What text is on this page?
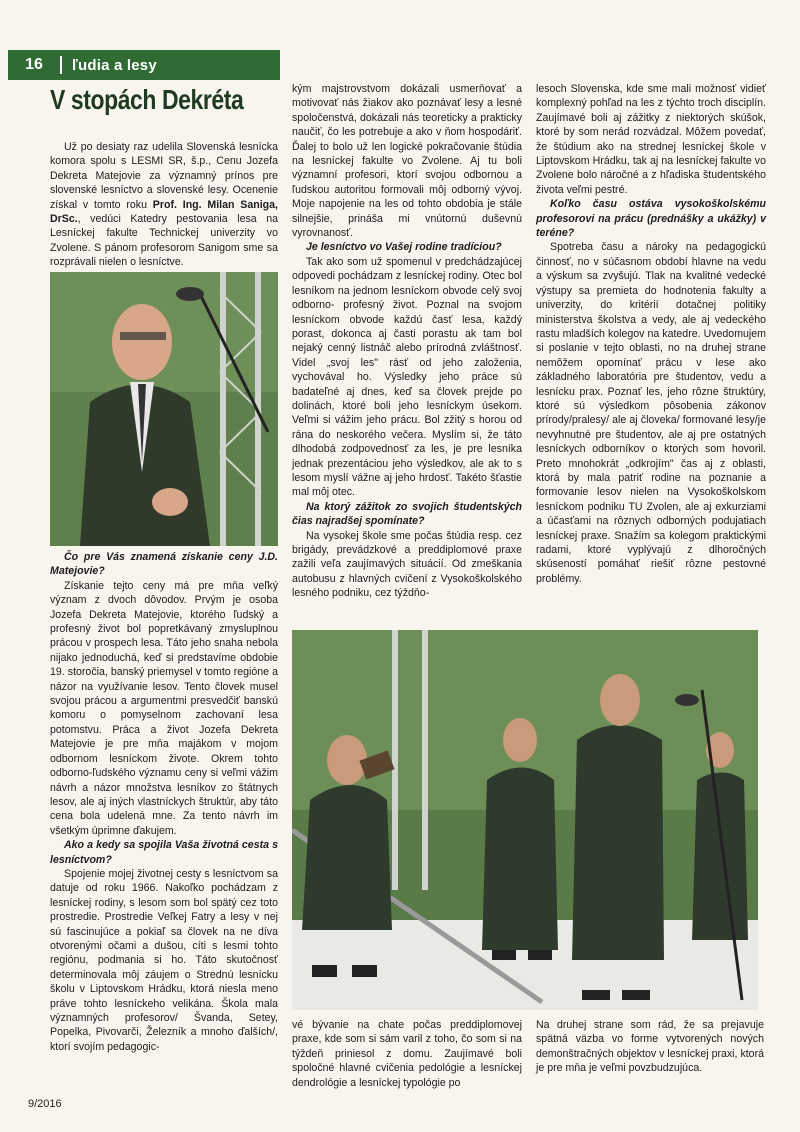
16	ľudia a lesy
V stopách Dekréta

Už po desiaty raz udelila Slovenská lesnícka komora spolu s LESMI SR, š.p., Cenu Jozefa Dekreta Matejovie za významný prínos pre slovenské lesníctvo a slovenské lesy. Ocenenie získal v tomto roku Prof. Ing. Milan Saniga, DrSc., vedúci Katedry pestovania lesa na Lesníckej fakulte Technickej univerzity vo Zvolene. S pánom profesorom Sanigom sme sa rozprávali nielen o lesníctve.

Čo pre Vás znamená získanie ceny J.D. Matejovie?

Získanie tejto ceny má pre mňa veľký význam z dvoch dôvodov. Prvým je osoba Jozefa Dekreta Matejovie, ktorého ľudský a profesný život bol popretkávaný zmysluplnou prácou v prospech lesa. Táto jeho snaha nebola nijako jednoduchá, keď si predstavíme obdobie 19. storočia, banský priemysel v tomto regióne a názor na využívanie lesov. Tento človek musel svojou prácou a argumentmi presvedčiť banskú komoru o pomyselnom zachovaní lesa potomstvu. Práca a život Jozefa Dekreta Matejovie je pre mňa majákom v mojom odbornom lesníckom živote. Okrem tohto odborno-ľudského významu ceny si veľmi vážim návrh a názor množstva lesníkov zo štátnych lesov, ale aj iných vlastníckych štruktúr, aby táto cena bola udelená mne. Za tento návrh im všetkým úprimne ďakujem.

Ako a kedy sa spojila Vaša životná cesta s lesníctvom?

Spojenie mojej životnej cesty s lesníctvom sa datuje od roku 1966. Nakoľko pochádzam z lesníckej rodiny, s lesom som bol spätý cez toto prostredie. Prostredie Veľkej Fatry a lesy v nej sú fascinujúce a pokiaľ sa človek na ne díva otvorenými očami a dušou, cíti s lesmi tohto regiónu, podmania si ho. Táto skutočnosť determinovala môj záujem o Strednú lesnícku školu v Liptovskom Hrádku, ktorá niesla meno práve tohto lesníckeho velikána. Škola mala významných profesorov/ Švanda, Setey, Popelka, Pivovarči, Železník a mnoho ďalších/, ktorí svojím pedagogic-

kým majstrovstvom dokázali usmerňovať a motivovať nás žiakov ako poznávať lesy a lesné spoločenstvá, dokázali nás teoreticky a prakticky naučiť, čo les potrebuje a ako v ňom hospodáriť. Ďalej to bolo už len logické pokračovanie štúdia na lesníckej fakulte vo Zvolene. Aj tu boli významní profesori, ktorí svojou odbornou a ľudskou autoritou formovali môj odborný vývoj. Moje napojenie na les od tohto obdobia je stále silnejšie, prináša mi vnútornú duševnú vyrovnanosť.

Je lesníctvo vo Vašej rodine tradíciou?

Tak ako som už spomenul v predchádzajúcej odpovedi pochádzam z lesníckej rodiny. Otec bol lesníkom na jednom lesníckom obvode celý svoj odborno- profesný život. Poznal na svojom lesníckom obvode každú časť lesa, každý porast, dokonca aj časti porastu ak tam bol nejaký cenný listnáč alebo prírodná zvláštnosť. Videl „svoj les" rásť od jeho založenia, vychovával ho. Výsledky jeho práce sú badateľné aj dnes, keď sa človek prejde po dolinách, ktoré boli jeho lesníckym úsekom. Veľmi si vážim jeho prácu. Bol zžitý s horou od rána do neskorého večera. Myslím si, že táto dlhodobá zodpovednosť za les, je pre lesníka jednak prezentáciou jeho výsledkov, ale ak to s lesom myslí vážne aj jeho hrdosť. Takéto šťastie mal môj otec.

Na ktorý zážitok zo svojich študentských čias najradšej spomínate?

Na vysokej škole sme počas štúdia resp. cez brigády, prevádzkové a preddiplomové praxe zažili veľa zaujímavých situácií. Od zmeškania autobusu z hlavných cvičení z Vysokoškolského lesného podniku, cez týždňo-

lesoch Slovenska, kde sme mali možnosť vidieť komplexný pohľad na les z týchto troch disciplín. Zaujímavé boli aj zážitky z niektorých skúšok, ktoré by som nerád rozvádzal. Môžem povedať, že štúdium ako na strednej lesníckej škole v Liptovskom Hrádku, tak aj na lesníckej fakulte vo Zvolene bolo náročné a z hľadiska študentského života veľmi pestré.

Koľko času ostáva vysokoškolskému profesorovi na prácu (prednášky a ukážky) v teréne?

Spotreba času a nároky na pedagogickú činnosť, no v súčasnom období hlavne na vedu a výskum sa zvyšujú. Tlak na kvalitné vedecké výstupy sa premieta do hodnotenia fakulty a univerzity, do kritérií dotačnej politiky ministerstva školstva a vedy, ale aj vedeckého rastu mladších kolegov na katedre. Uvedomujem si poslanie v tejto oblasti, no na druhej strane nemôžem opomínať prácu v lese ako základného laboratória pre študentov, vedu a lesnícku prax. Poznať les, jeho rôzne štruktúry, ktoré sú výsledkom pôsobenia zákonov prírody/pralesy/ ale aj človeka/ formované lesy/je nevyhnutné pre študentov, ale aj pre ostatných lesníckych odborníkov o ktorých som hovoril. Preto mnohokrát „odkrojím" čas aj z oblasti, ktorá by mala patriť rodine na poznanie a formovanie lesov nielen na Vysokoškolskom lesníckom podniku TU Zvolen, ale aj exkurziami a účasťami na rôznych odborných podujatiach lesníckej praxe. Snažím sa kolegom praktickými radami, ktoré vyplývajú z dlhoročných skúseností pomáhať riešiť rôzne pestovné problémy.

vé bývanie na chate počas preddiplomovej praxe, kde som si sám varil z toho, čo som si na týždeň priniesol z domu. Zaujímavé boli spoločné hlavné cvičenia pedológie a lesníckej dendrológie a lesníckej typológie po

Na druhej strane som rád, že sa prejavuje spätná väzba vo forme vytvorených nových demonštračných objektov v lesníckej praxi, ktorá je pre mňa je veľmi povzbudzujúca.

9/2016
